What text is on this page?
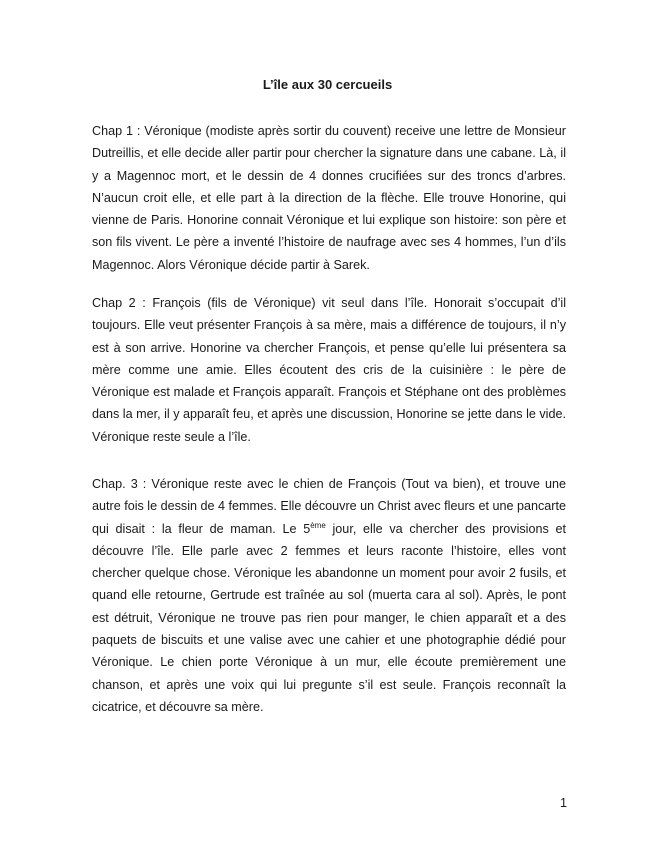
L’île aux 30 cercueils

Chap 1 : Véronique (modiste après sortir du couvent) receive une lettre de Monsieur Dutreillis, et elle decide aller partir pour chercher la signature dans une cabane. Là, il y a Magennoc mort, et le dessin de 4 donnes crucifiées sur des troncs d’arbres. N’aucun croit elle, et elle part à la direction de la flèche. Elle trouve Honorine, qui vienne de Paris. Honorine connait Véronique et lui explique son histoire: son père et son fils vivent. Le père a inventé l’histoire de naufrage avec ses 4 hommes, l’un d’ils Magennoc. Alors Véronique décide partir à Sarek.

Chap 2 : François (fils de Véronique) vit seul dans l’île. Honorait s’occupait d’il toujours. Elle veut présenter François à sa mère, mais a différence de toujours, il n’y est à son arrive. Honorine va chercher François, et pense qu’elle lui présentera sa mère comme une amie. Elles écoutent des cris de la cuisinière : le père de Véronique est malade et François apparaît. François et Stéphane ont des problèmes dans la mer, il y apparaît feu, et après une discussion, Honorine se jette dans le vide. Véronique reste seule a l’île.

Chap. 3 : Véronique reste avec le chien de François (Tout va bien), et trouve une autre fois le dessin de 4 femmes. Elle découvre un Christ avec fleurs et une pancarte qui disait : la fleur de maman. Le 5ème jour, elle va chercher des provisions et découvre l’île. Elle parle avec 2 femmes et leurs raconte l’histoire, elles vont chercher quelque chose. Véronique les abandonne un moment pour avoir 2 fusils, et quand elle retourne, Gertrude est traînée au sol (muerta cara al sol). Après, le pont est détruit, Véronique ne trouve pas rien pour manger, le chien apparaît et a des paquets de biscuits et une valise avec une cahier et une photographie dédié pour Véronique. Le chien porte Véronique à un mur, elle écoute premièrement une chanson, et après une voix qui lui pregunte s’il est seule. François reconnaît la cicatrice, et découvre sa mère.

1
